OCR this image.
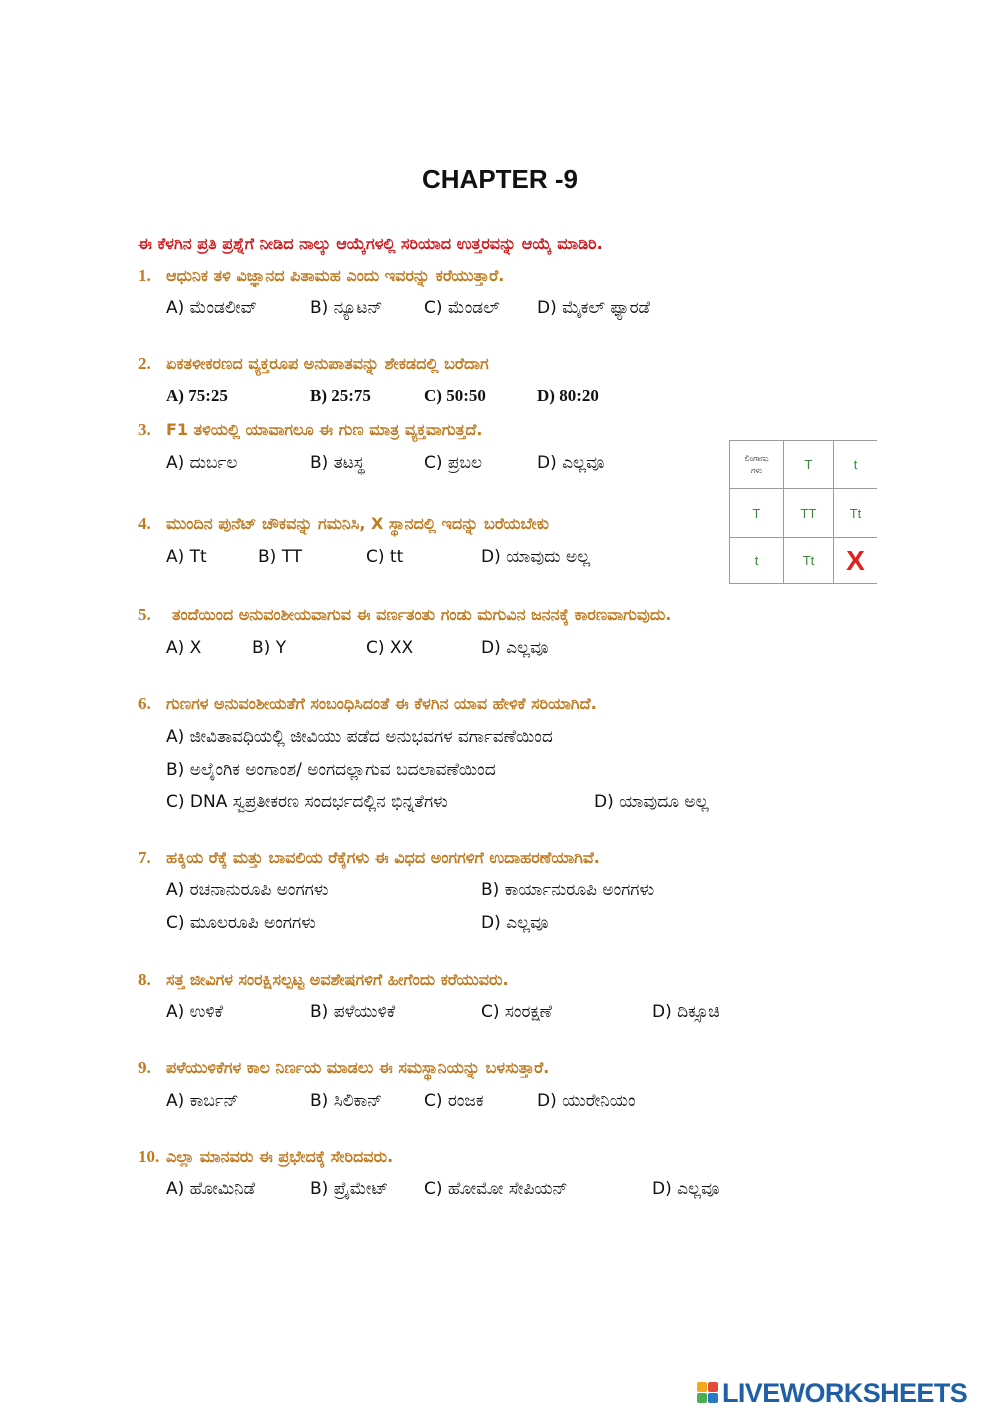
CHAPTER -9
ಈ ಕೆಳಗಿನ ಪ್ರತಿ ಪ್ರಶ್ನೆಗೆ ನೀಡಿದ ನಾಲ್ಕು ಆಯ್ಕೆಗಳಲ್ಲಿ ಸರಿಯಾದ ಉತ್ತರವನ್ನು ಆಯ್ಕೆ ಮಾಡಿರಿ.
1. ಆಧುನಿಕ ತಳಿ ವಿಜ್ಞಾನದ ಪಿತಾಮಹ ಎಂದು ಇವರನ್ನು ಕರೆಯುತ್ತಾರೆ.
A) ಮೆಂಡಲೀವ್	B) ನ್ಯೂಟನ್ C) ಮೆಂಡಲ್ D) ಮೈಕಲ್ ಫ್ಯಾರಡೆ
2. ಏಕತಳೀಕರಣದ ವ್ಯಕ್ತರೂಪ ಅನುಪಾತವನ್ನು ಶೇಕಡದಲ್ಲಿ ಬರೆದಾಗ
A) 75:25	B) 25:75	C) 50:50	D) 80:20
3. F1 ತಳಿಯಲ್ಲಿ ಯಾವಾಗಲೂ ಈ ಗುಣ ಮಾತ್ರ ವ್ಯಕ್ತವಾಗುತ್ತದೆ.
A) ದುರ್ಬಲ	B) ತಟಸ್ಥ	C) ಪ್ರಬಲ	D) ಎಲ್ಲವೂ	ಲಿಂಗಾಣು
ಗಳು	T	t
T	TT	Tt
t	Tt	X
4. ಮುಂದಿನ ಪುನೆಟ್ ಚೌಕವನ್ನು ಗಮನಿಸಿ, X ಸ್ಥಾನದಲ್ಲಿ ಇದನ್ನು ಬರೆಯಬೇಕು
A) Tt	B) TT	C) tt	D) ಯಾವುದು ಅಲ್ಲ
5. ತಂದೆಯಿಂದ ಅನುವಂಶೀಯವಾಗುವ ಈ ವರ್ಣತಂತು ಗಂಡು ಮಗುವಿನ ಜನನಕ್ಕೆ ಕಾರಣವಾಗುವುದು.
A) X	B) Y	C) XX	D) ಎಲ್ಲವೂ
6. ಗುಣಗಳ ಅನುವಂಶೀಯತೆಗೆ ಸಂಬಂಧಿಸಿದಂತೆ ಈ ಕೆಳಗಿನ ಯಾವ ಹೇಳಿಕೆ ಸರಿಯಾಗಿದೆ.
A) ಜೀವಿತಾವಧಿಯಲ್ಲಿ ಜೀವಿಯು ಪಡೆದ ಅನುಭವಗಳ ವರ್ಗಾವಣೆಯಿಂದ
B) ಅಲೈಂಗಿಕ ಅಂಗಾಂಶ/ ಅಂಗದಲ್ಲಾಗುವ ಬದಲಾವಣೆಯಿಂದ
C) DNA ಸ್ವಪ್ರತೀಕರಣ ಸಂದರ್ಭದಲ್ಲಿನ ಭಿನ್ನತೆಗಳು	D) ಯಾವುದೂ ಅಲ್ಲ
7. ಹಕ್ಕಿಯ ರೆಕ್ಕೆ ಮತ್ತು ಬಾವಲಿಯ ರೆಕ್ಕೆಗಳು ಈ ವಿಧದ ಅಂಗಗಳಿಗೆ ಉದಾಹರಣೆಯಾಗಿವೆ.
A) ರಚನಾನುರೂಪಿ ಅಂಗಗಳು	B) ಕಾರ್ಯಾನುರೂಪಿ ಅಂಗಗಳು
C) ಮೂಲರೂಪಿ ಅಂಗಗಳು	D) ಎಲ್ಲವೂ
8. ಸತ್ತ ಜೀವಿಗಳ ಸಂರಕ್ಷಿಸಲ್ಪಟ್ಟ ಅವಶೇಷಗಳಿಗೆ ಹೀಗೆಂದು ಕರೆಯುವರು.
A) ಉಳಿಕೆ	B) ಪಳೆಯುಳಿಕೆ	C) ಸಂರಕ್ಷಣೆ	D) ದಿಕ್ಸೂಚಿ
9. ಪಳೆಯುಳಿಕೆಗಳ ಕಾಲ ನಿರ್ಣಯ ಮಾಡಲು ಈ ಸಮಸ್ಥಾನಿಯನ್ನು ಬಳಸುತ್ತಾರೆ.
A) ಕಾರ್ಬನ್	B) ಸಿಲಿಕಾನ್ C) ರಂಜಕ	D) ಯುರೇನಿಯಂ
10. ಎಲ್ಲಾ ಮಾನವರು ಈ ಪ್ರಭೇದಕ್ಕೆ ಸೇರಿದವರು.
A) ಹೋಮಿನಿಡೆ	B) ಪ್ರೈಮೇಟ್ C) ಹೋಮೋ ಸೇಪಿಯನ್	D) ಎಲ್ಲವೂ
LIVEWORKSHEETS
